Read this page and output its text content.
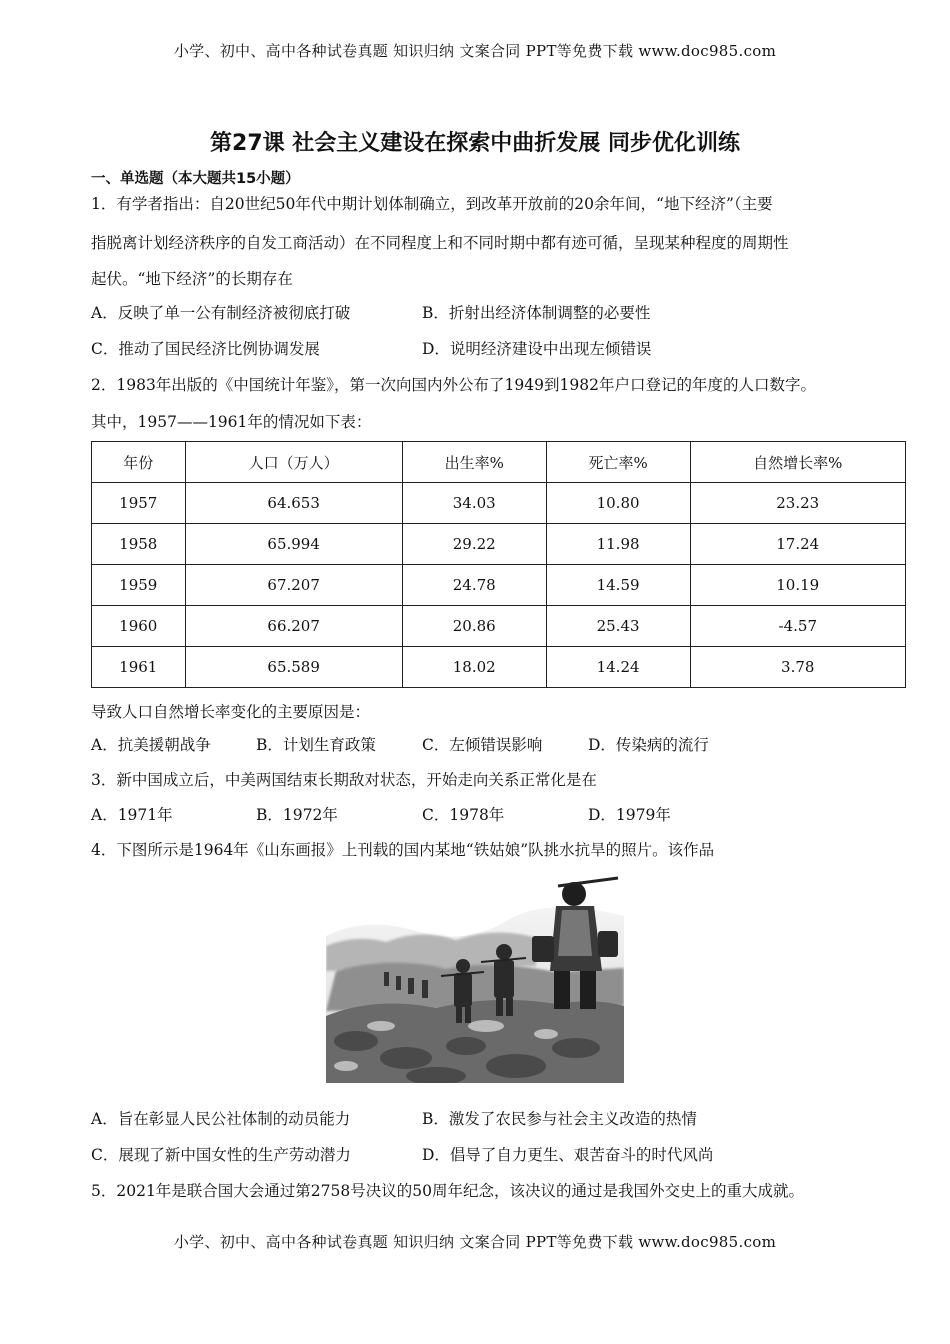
小学、初中、高中各种试卷真题 知识归纳 文案合同 PPT等免费下载 www.doc985.com
第27课 社会主义建设在探索中曲折发展 同步优化训练
一、单选题（本大题共15小题）
1．有学者指出：自20世纪50年代中期计划体制确立，到改革开放前的20余年间，“地下经济”（主要
指脱离计划经济秩序的自发工商活动）在不同程度上和不同时期中都有迹可循，呈现某种程度的周期性
起伏。“地下经济”的长期存在
A．反映了单一公有制经济被彻底打破	B．折射出经济体制调整的必要性
C．推动了国民经济比例协调发展	D．说明经济建设中出现左倾错误
2．1983年出版的《中国统计年鉴》，第一次向国内外公布了1949到1982年户口登记的年度的人口数字。
其中，1957——1961年的情况如下表：
年份	人口（万人）	出生率%	死亡率%	自然增长率%
1957	64.653	34.03	10.80	23.23
1958	65.994	29.22	11.98	17.24
1959	67.207	24.78	14.59	10.19
1960	66.207	20.86	25.43	-4.57
1961	65.589	18.02	14.24	3.78
导致人口自然增长率变化的主要原因是：
A．抗美援朝战争	B．计划生育政策	C．左倾错误影响	D．传染病的流行
3．新中国成立后，中美两国结束长期敌对状态，开始走向关系正常化是在
A．1971年	B．1972年	C．1978年	D．1979年
4．下图所示是1964年《山东画报》上刊载的国内某地“铁姑娘”队挑水抗旱的照片。该作品
A．旨在彰显人民公社体制的动员能力	B．激发了农民参与社会主义改造的热情
C．展现了新中国女性的生产劳动潜力	D．倡导了自力更生、艰苦奋斗的时代风尚
5．2021年是联合国大会通过第2758号决议的50周年纪念，该决议的通过是我国外交史上的重大成就。
小学、初中、高中各种试卷真题 知识归纳 文案合同 PPT等免费下载 www.doc985.com
